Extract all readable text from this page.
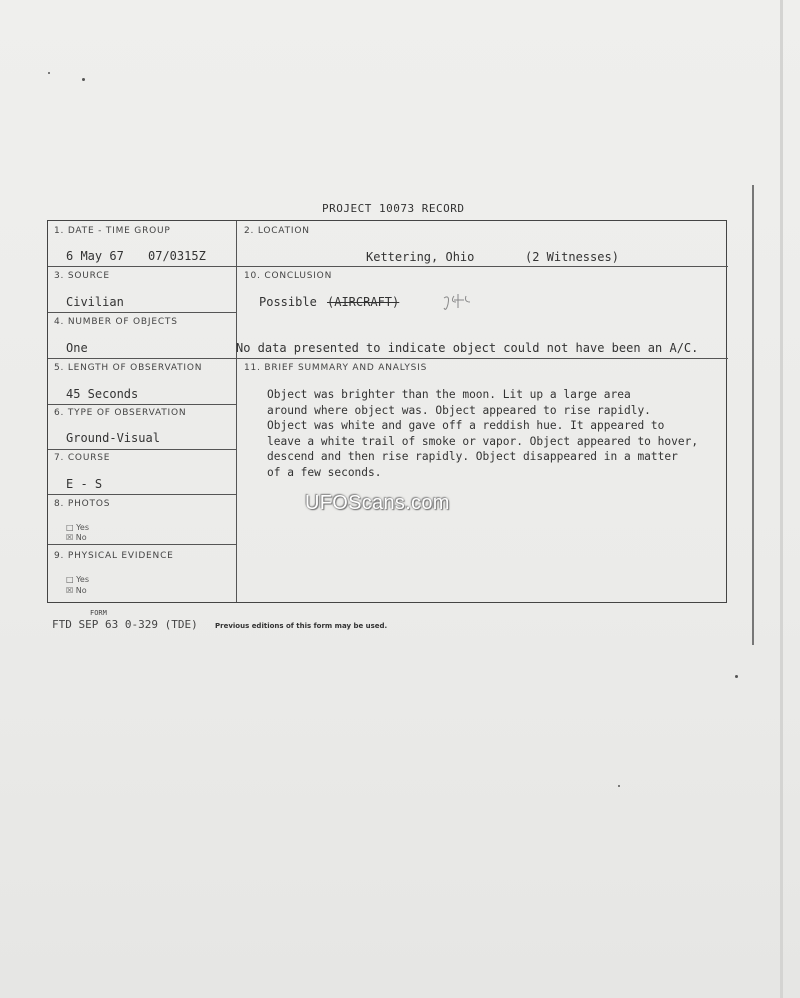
PROJECT 10073 RECORD
1. DATE - TIME GROUP
6 May 67 07/0315Z
2. LOCATION
Kettering, Ohio	(2 Witnesses)
3. SOURCE
Civilian
10. CONCLUSION
Possible (AIRCRAFT)
No data presented to indicate object could not have been an A/C.
4. NUMBER OF OBJECTS
One
5. LENGTH OF OBSERVATION
45 Seconds
11. BRIEF SUMMARY AND ANALYSIS
Object was brighter than the moon. Lit up a large area
around where object was. Object appeared to rise rapidly.
Object was white and gave off a reddish hue. It appeared to
leave a white trail of smoke or vapor. Object appeared to hover,
descend and then rise rapidly. Object disappeared in a matter
of a few seconds.
6. TYPE OF OBSERVATION
Ground-Visual
7. COURSE
E - S
8. PHOTOS
□ Yes
☒ No
9. PHYSICAL EVIDENCE
□ Yes
☒ No
UFOScans.com
FORM
FTD SEP 63 0-329 (TDE) Previous editions of this form may be used.
